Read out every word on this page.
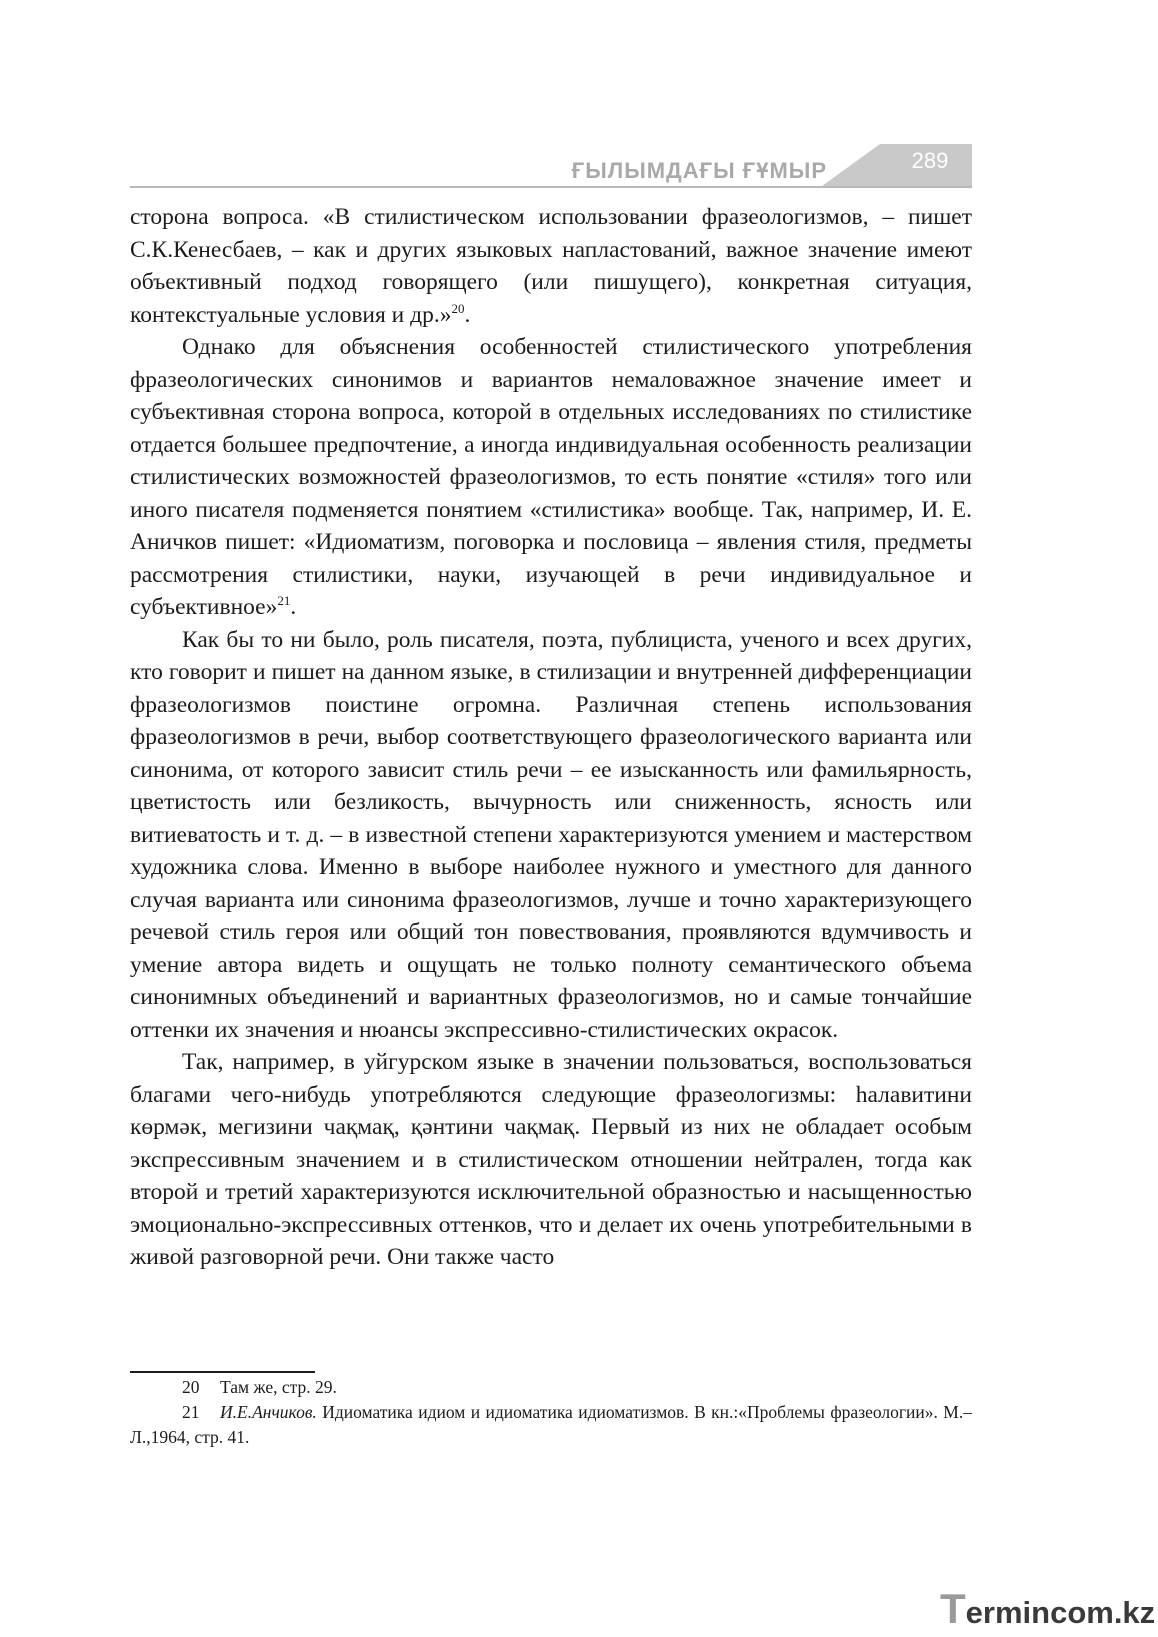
ҒЫЛЫМДАҒЫ ҒҰМЫР	289

сторона вопроса. «В стилистическом использовании фразеологизмов, – пишет С.К.Кенесбаев, – как и других языковых напластований, важное значение имеют объективный подход говорящего (или пишущего), конкретная ситуация, контекстуальные условия и др.»$^{20}$.

Однако для объяснения особенностей стилистического употребления фразеологических синонимов и вариантов немаловажное значение имеет и субъективная сторона вопроса, которой в отдельных исследованиях по стилистике отдается большее предпочтение, а иногда индивидуальная особенность реализации стилистических возможностей фразеологизмов, то есть понятие «стиля» того или иного писателя подменяется понятием «стилистика» вообще. Так, например, И. Е. Аничков пишет: «Идиоматизм, поговорка и пословица – явления стиля, предметы рассмотрения стилистики, науки, изучающей в речи индивидуальное и субъективное»$^{21}$.

Как бы то ни было, роль писателя, поэта, публициста, ученого и всех других, кто говорит и пишет на данном языке, в стилизации и внутренней дифференциации фразеологизмов поистине огромна. Различная степень использования фразеологизмов в речи, выбор соответствующего фразеологического варианта или синонима, от которого зависит стиль речи – ее изысканность или фамильярность, цветистость или безликость, вычурность или сниженность, ясность или витиеватость и т. д. – в известной степени характеризуются умением и мастерством художника слова. Именно в выборе наиболее нужного и уместного для данного случая варианта или синонима фразеологизмов, лучше и точно характеризующего речевой стиль героя или общий тон повествования, проявляются вдумчивость и умение автора видеть и ощущать не только полноту семантического объема синонимных объединений и вариантных фразеологизмов, но и самые тончайшие оттенки их значения и нюансы экспрессивно-стилистических окрасок.

Так, например, в уйгурском языке в значении пользоваться, воспользоваться благами чего-нибудь употребляются следующие фразеологизмы: һалавитини көрмәк, мегизини чақмақ, қәнтини чақмақ. Первый из них не обладает особым экспрессивным значением и в стилистическом отношении нейтрален, тогда как второй и третий характеризуются исключительной образностью и насыщенностью эмоционально-экспрессивных оттенков, что и делает их очень употребительными в живой разговорной речи. Они также часто

20 Там же, стр. 29.

21 И.Е.Анчиков. Идиоматика идиом и идиоматика идиоматизмов. В кн.:«Проблемы фразеологии». М.–Л.,1964, стр. 41.

Termincom.kz
